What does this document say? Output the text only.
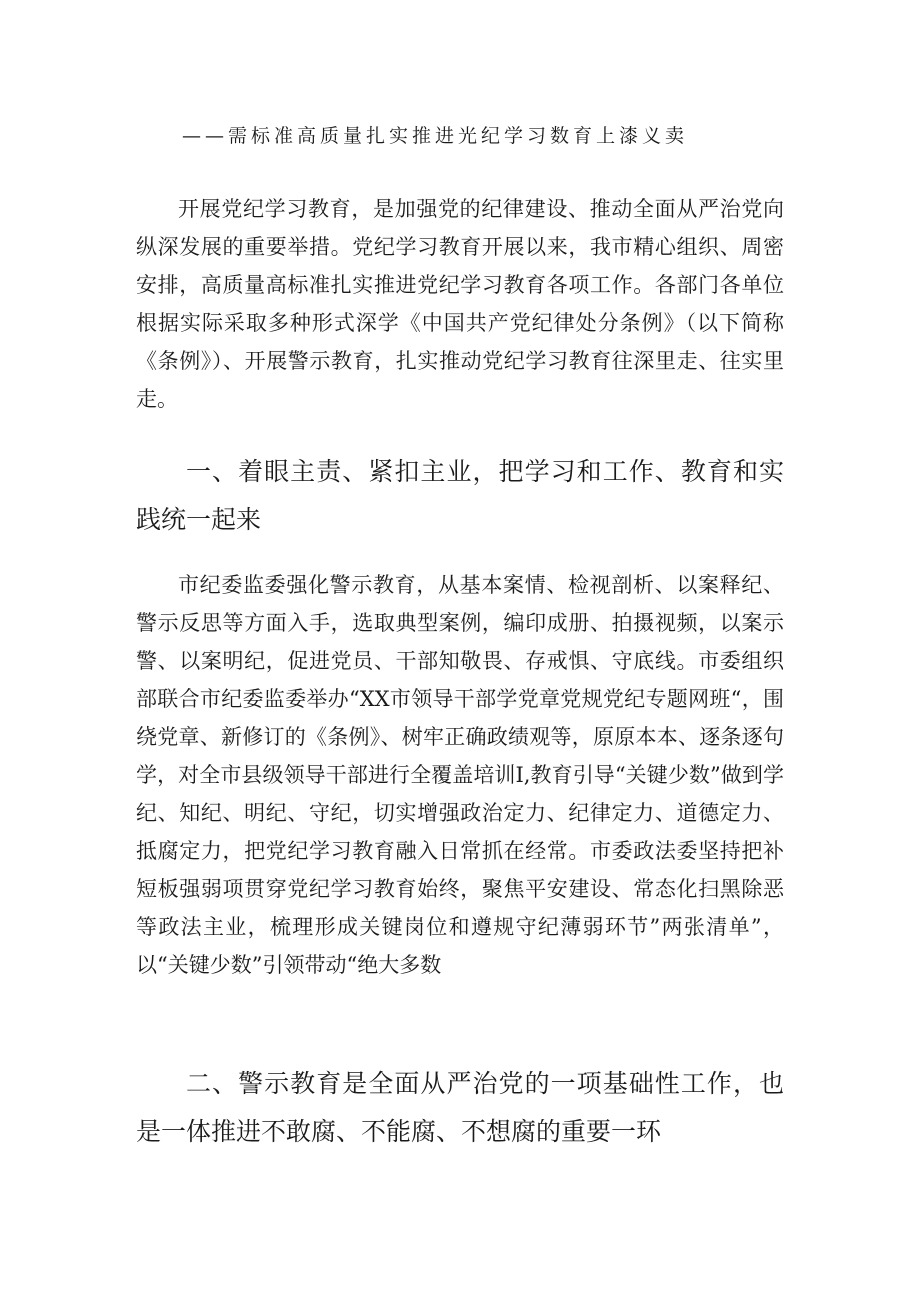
——需标准高质量扎实推进光纪学习数育上漆义卖

开展党纪学习教育，是加强党的纪律建设、推动全面从严治党向纵深发展的重要举措。党纪学习教育开展以来，我市精心组织、周密安排，高质量高标准扎实推进党纪学习教育各项工作。各部门各单位根据实际采取多种形式深学《中国共产党纪律处分条例》（以下简称《条例》）、开展警示教育，扎实推动党纪学习教育往深里走、往实里走。

一、着眼主责、紧扣主业，把学习和工作、教育和实践统一起来

市纪委监委强化警示教育，从基本案情、检视剖析、以案释纪、警示反思等方面入手，选取典型案例，编印成册、拍摄视频，以案示警、以案明纪，促进党员、干部知敬畏、存戒惧、守底线。市委组织部联合市纪委监委举办“XX市领导干部学党章党规党纪专题网班“，围绕党章、新修订的《条例》、树牢正确政绩观等，原原本本、逐条逐句学，对全市县级领导干部进行全覆盖培训I,教育引导“关键少数”做到学纪、知纪、明纪、守纪，切实增强政治定力、纪律定力、道德定力、抵腐定力，把党纪学习教育融入日常抓在经常。市委政法委坚持把补短板强弱项贯穿党纪学习教育始终，聚焦平安建设、常态化扫黑除恶等政法主业，梳理形成关键岗位和遵规守纪薄弱环节”两张清单”，以“关键少数”引领带动“绝大多数

二、警示教育是全面从严治党的一项基础性工作，也是一体推进不敢腐、不能腐、不想腐的重要一环
